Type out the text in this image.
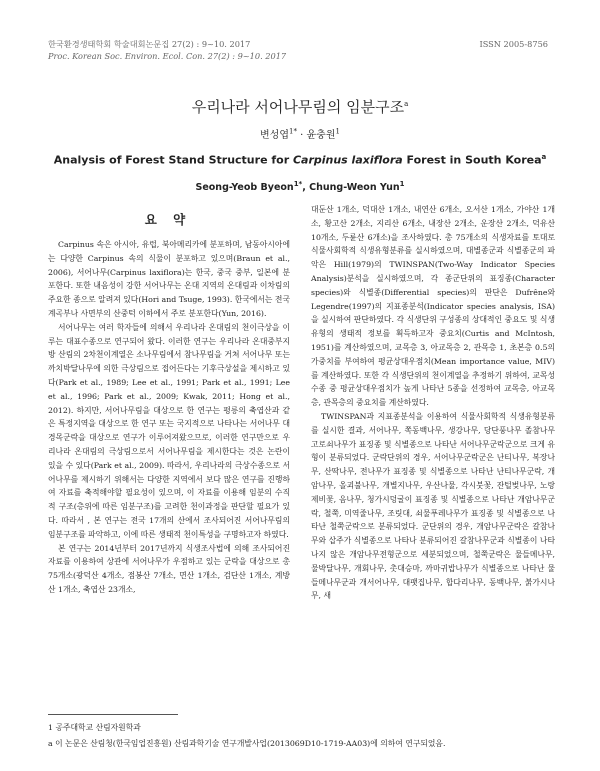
한국환경생태학회 학술대회논문집 27(2) : 9~10. 2017
Proc. Korean Soc. Environ. Ecol. Con. 27(2) : 9~10. 2017
ISSN 2005-8756
우리나라 서어나무림의 임분구조$^a$
변성엽$^{1*}$ · 윤충원$^1$
Analysis of Forest Stand Structure for Carpinus laxiflora Forest in South Korea$^a$
Seong-Yeob Byeon$^{1*}$, Chung-Weon Yun$^1$
요 약

Carpinus 속은 아시아, 유럽, 북아메리카에 분포하며, 남동아시아에는 다양한 Carpinus 속의 식물이 분포하고 있으며(Braun et al., 2006), 서어나무(Carpinus laxiflora)는 한국, 중국 중부, 일본에 분포한다. 또한 내음성이 강한 서어나무는 온대 지역의 온대림과 이차림의 주요한 종으로 알려져 있다(Hori and Tsuge, 1993). 한국에서는 전국 계곡부나 사면부의 산중턱 이하에서 주로 분포한다(Yun, 2016).

서어나무는 여러 학자들에 의해서 우리나라 온대림의 천이극상을 이루는 대표수종으로 연구되어 왔다. 이러한 연구는 우리나라 온대중부지방 산림의 2차천이계열은 소나무림에서 참나무림을 거쳐 서어나무 또는 까치박달나무에 의한 극상림으로 접어든다는 기후극상설을 제시하고 있다(Park et al., 1989; Lee et al., 1991; Park et al., 1991; Lee et al., 1996; Park et al., 2009; Kwak, 2011; Hong et al., 2012). 하지만, 서어나무림을 대상으로 한 연구는 평릉의 축엽산과 같은 특정지역을 대상으로 한 연구 또는 국지적으로 나타나는 서어나무 대경목군락을 대상으로 연구가 이루어져왔으므로, 이러한 연구만으로 우리나라 온대림의 극상림으로서 서어나무림을 제시한다는 것은 논란이 있을 수 있다(Park et al., 2009). 따라서, 우리나라의 극상수종으로 서어나무를 제시하기 위해서는 다양한 지역에서 보다 많은 연구를 진행하여 자료를 축적해야할 필요성이 있으며, 이 자료를 이용해 임분의 수직적 구조(층위에 따른 임분구조)를 고려한 천이과정을 판단할 필요가 있다. 따라서 , 본 연구는 전국 17개의 산에서 조사되어진 서어나무림의 임분구조를 파악하고, 이에 따른 생태적 천이특성을 구명하고자 하였다.

본 연구는 2014년부터 2017년까지 식생조사법에 의해 조사되어진 자료를 이용하여 상관에 서어나무가 우점하고 있는 군락을 대상으로 총 75개소(광덕산 4개소, 점봉산 7개소, 면산 1개소, 검단산 1개소, 계방산 1개소, 축엽산 23개소,

대둔산 1개소, 덕대산 1개소, 내연산 6개소, 오서산 1개소, 가야산 1개소, 황고산 2개소, 지리산 6개소, 내장산 2개소, 운장산 2개소, 덕유산 10개소, 두륜산 6개소)을 조사하였다. 총 75개소의 식생자료를 토대로 식물사회학적 식생유형분류를 실시하였으며, 대별종군과 식별종군의 파악은 Hill(1979)의 TWINSPAN(Two-Way Indicator Species Analysis)분석을 실시하였으며, 각 종군단위의 표징종(Character species)와 식별종(Differential species)의 판단은 Dufrêne와 Legendre(1997)의 지표종분석(Indicator species analysis, ISA)을 실시하여 판단하였다. 각 식생단위 구성종의 상대적인 중요도 및 식생유형의 생태적 정보를 획득하고자 중요치(Curtis and McIntosh, 1951)를 계산하였으며, 교목층 3, 아교목층 2, 관목층 1, 초본층 0.5의 가중치를 부여하여 평균상대우점치(Mean importance value, MIV)를 계산하였다. 또한 각 식생단위의 천이계열을 추정하기 위하여, 교목성 수종 중 평균상대우점치가 높게 나타난 5종을 선정하여 교목층, 아교목층, 관목층의 중요치를 계산하였다.

TWINSPAN과 지표종분석을 이용하여 식물사회학적 식생유형분류를 실시한 결과, 서어나무, 쪽동백나무, 생강나무, 당단풍나무 졸참나무 고로쇠나무가 표징종 및 식별종으로 나타난 서어나무군락군으로 크게 유형이 분류되었다. 군락단위의 경우, 서어나무군락군은 난티나무, 복장나무, 산딱나무, 전나무가 표징종 및 식별종으로 나타난 난티나무군락, 개암나무, 올괴불나무, 개별지나무, 우산나물, 각시붓꽃, 잔털벚나무, 노랑제비꽃, 음나무, 청가시덩굴이 표징종 및 식별종으로 나타난 개암나무군락, 철쭉, 미역줄나무, 조릿대, 쇠물푸레나무가 표징종 및 식별종으로 나타난 철쭉군락으로 분류되었다. 군단위의 경우, 개암나무군락은 갈참나무와 삽주가 식별종으로 나타나 분류되어진 갈참나무군과 식별종이 나타나지 않은 개암나무전형군으로 세분되었으며, 철쭉군락은 물들메나무, 물박달나무, 개회나무, 촛대승마, 까마귀밥나무가 식별종으로 나타난 물들메나무군과 개서어나무, 대팻집나무, 합다리나무, 동백나무, 붉가시나무, 새

1 공주대학교 산림자원학과
a 이 논문은 산림청(한국임업진흥원) 산림과학기술 연구개발사업(2013069D10-1719-AA03)에 의하여 연구되었음.
